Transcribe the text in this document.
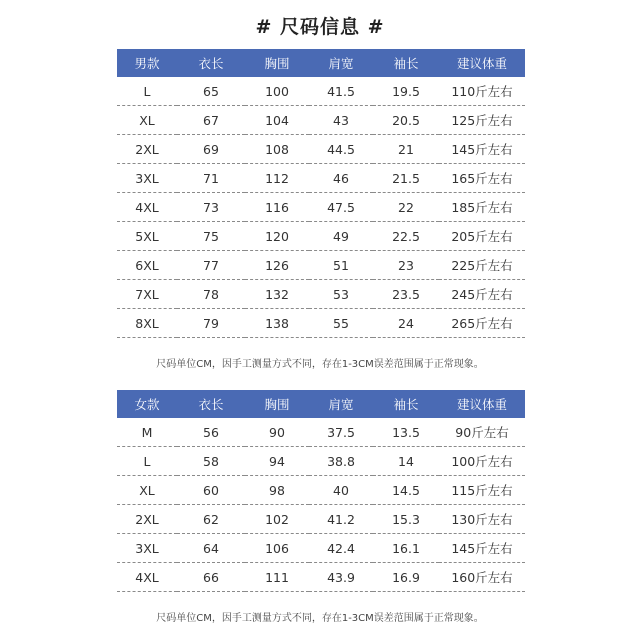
# 尺码信息 #
男款	衣长	胸围	肩宽	袖长	建议体重
L	65	100	41.5	19.5	110斤左右
XL	67	104	43	20.5	125斤左右
2XL	69	108	44.5	21	145斤左右
3XL	71	112	46	21.5	165斤左右
4XL	73	116	47.5	22	185斤左右
5XL	75	120	49	22.5	205斤左右
6XL	77	126	51	23	225斤左右
7XL	78	132	53	23.5	245斤左右
8XL	79	138	55	24	265斤左右
尺码单位CM，因手工测量方式不同，存在1-3CM误差范围属于正常现象。
女款	衣长	胸围	肩宽	袖长	建议体重
M	56	90	37.5	13.5	90斤左右
L	58	94	38.8	14	100斤左右
XL	60	98	40	14.5	115斤左右
2XL	62	102	41.2	15.3	130斤左右
3XL	64	106	42.4	16.1	145斤左右
4XL	66	111	43.9	16.9	160斤左右
尺码单位CM，因手工测量方式不同，存在1-3CM误差范围属于正常现象。
